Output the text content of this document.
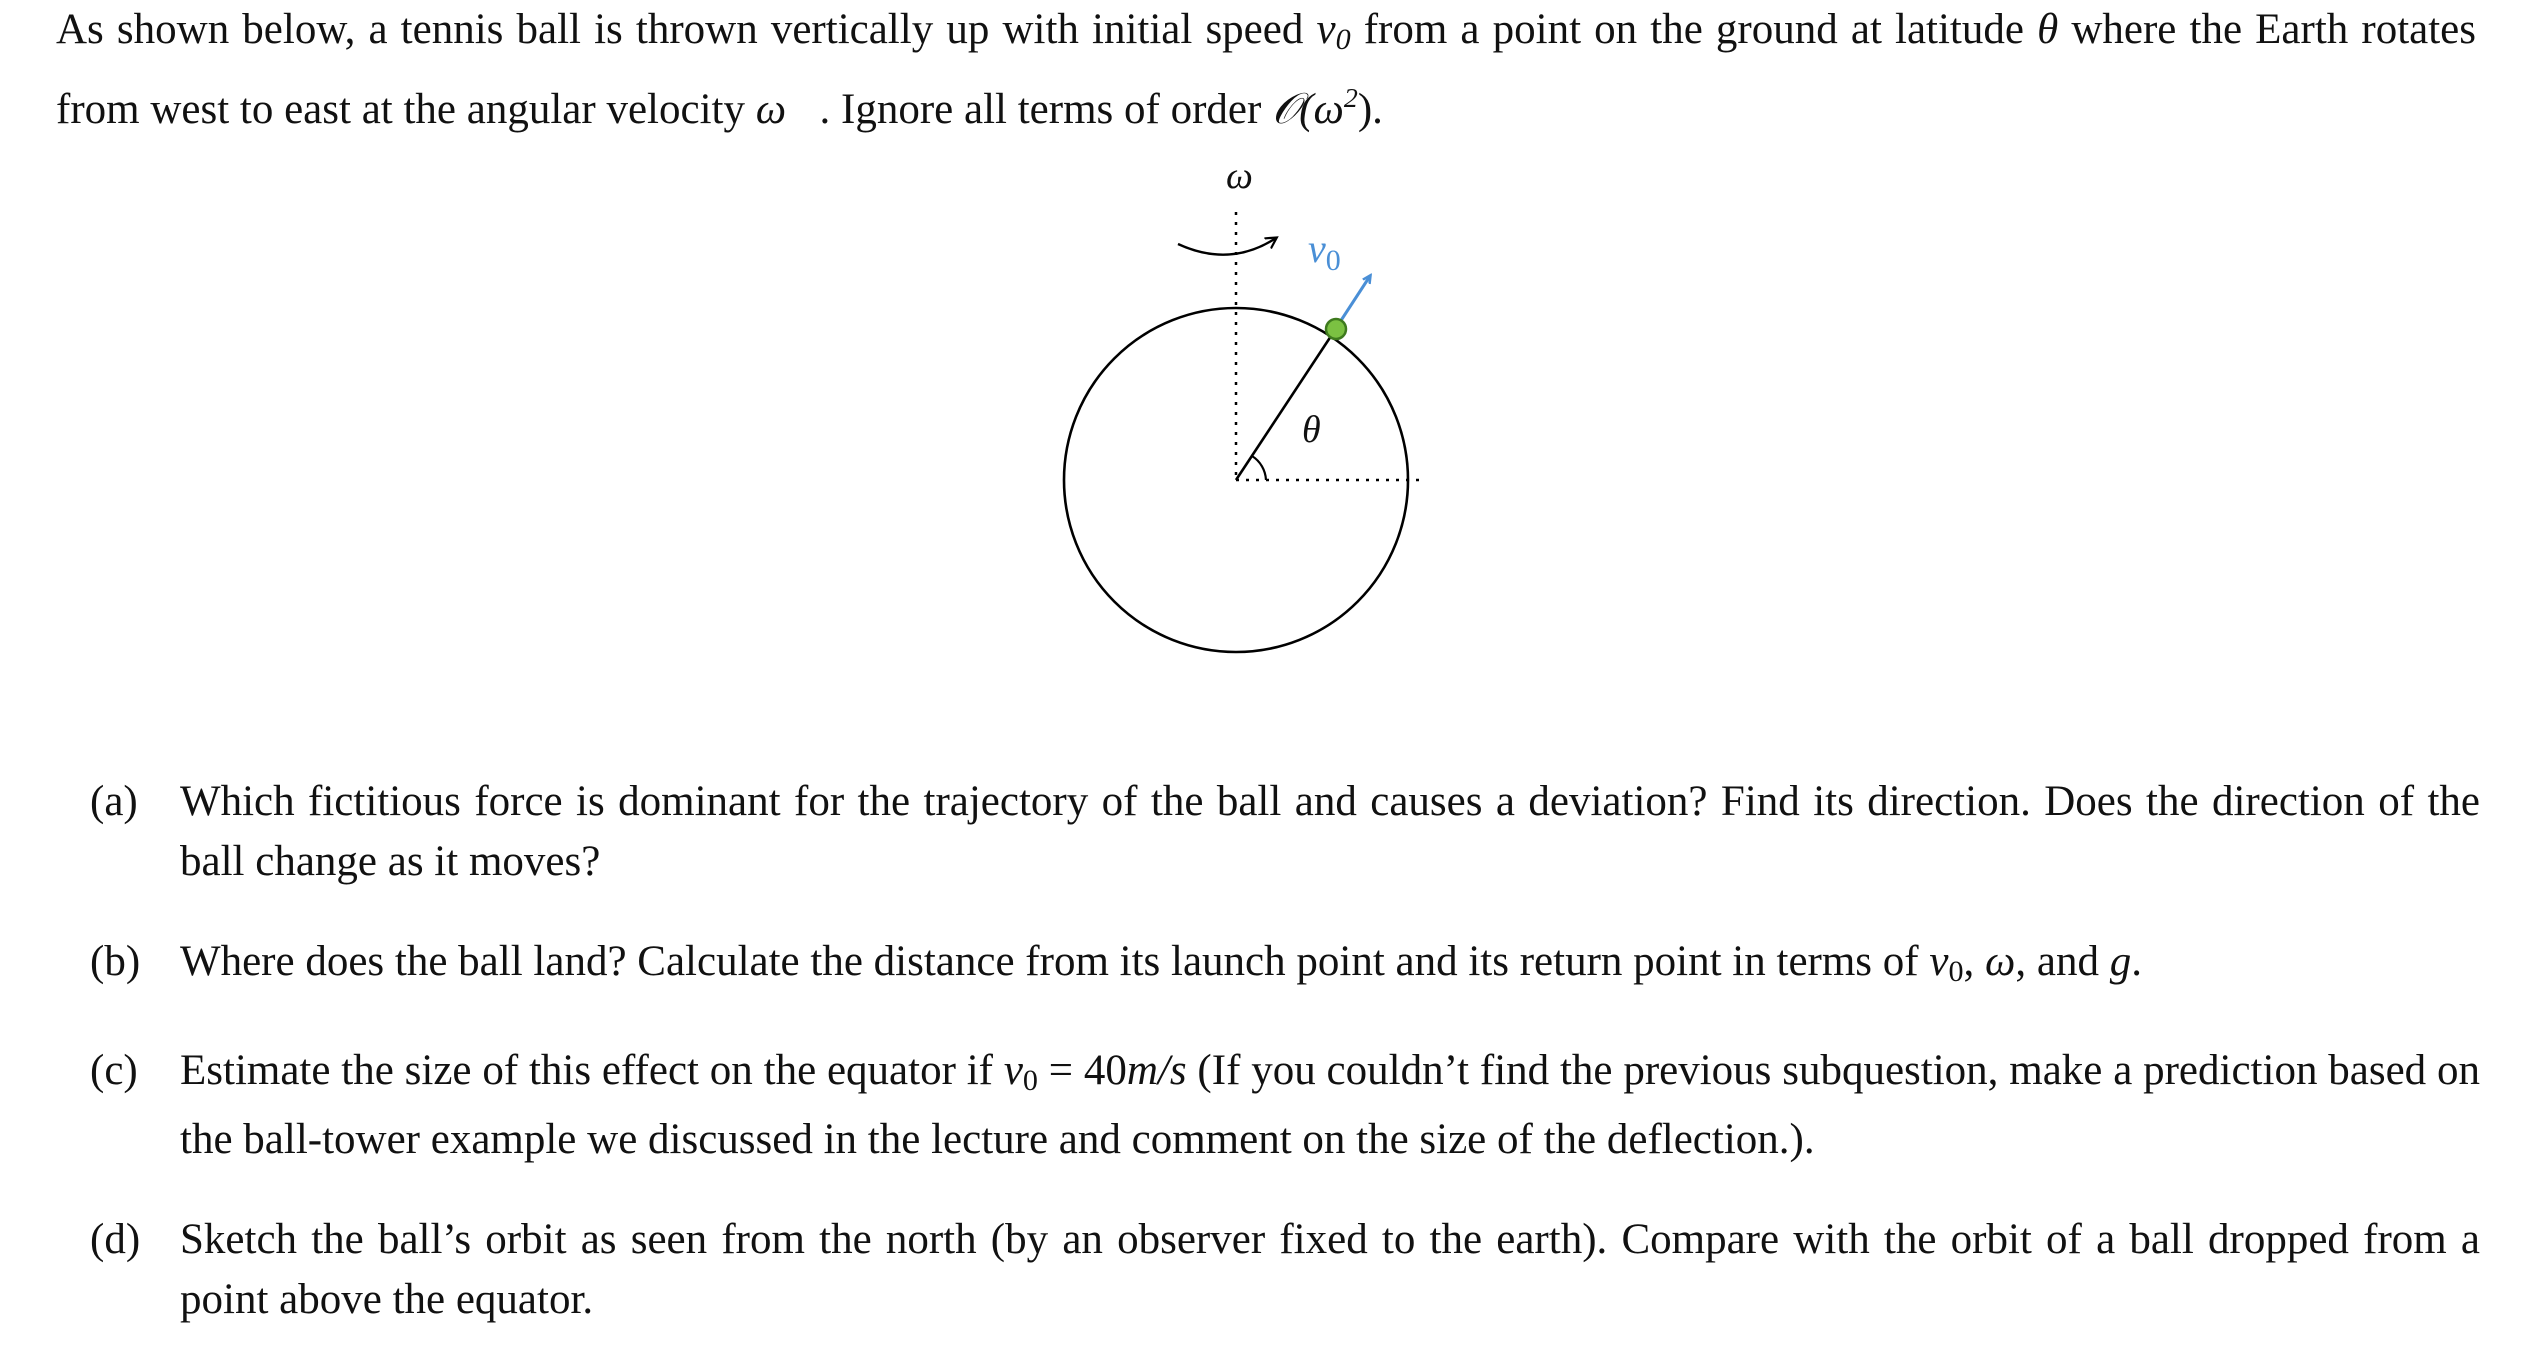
As shown below, a tennis ball is thrown vertically up with initial speed $v_0$ from a point on the ground at latitude θ where the Earth rotates from west to east at the angular velocity ω⃗. Ignore all terms of order $𝒪(\omega^2)$.

ω
$v_0$
θ
(a) Which fictitious force is dominant for the trajectory of the ball and causes a deviation? Find its direction. Does the direction of the ball change as it moves?
(b) Where does the ball land? Calculate the distance from its launch point and its return point in terms of $v_0$, ω, and g.
(c) Estimate the size of this effect on the equator if $v_0 = 40m/s$ (If you couldn’t find the previous subquestion, make a prediction based on the ball-tower example we discussed in the lecture and comment on the size of the deflection.).
(d) Sketch the ball’s orbit as seen from the north (by an observer fixed to the earth). Compare with the orbit of a ball dropped from a point above the equator.
